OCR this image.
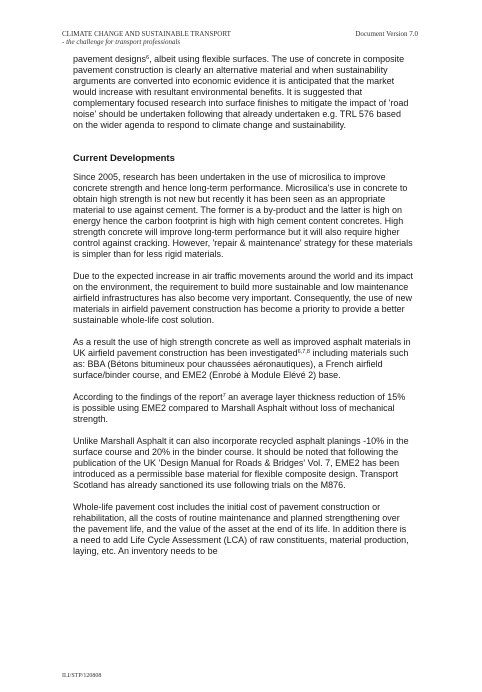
CLIMATE CHANGE AND SUSTAINABLE TRANSPORT	Document Version 7.0
- the challenge for transport professionals

pavement designs$^6$, albeit using flexible surfaces. The use of concrete in composite pavement construction is clearly an alternative material and when sustainability arguments are converted into economic evidence it is anticipated that the market would increase with resultant environmental benefits. It is suggested that complementary focused research into surface finishes to mitigate the impact of 'road noise' should be undertaken following that already undertaken e.g. TRL 576 based on the wider agenda to respond to climate change and sustainability.

Current Developments

Since 2005, research has been undertaken in the use of microsilica to improve concrete strength and hence long-term performance. Microsilica's use in concrete to obtain high strength is not new but recently it has been seen as an appropriate material to use against cement. The former is a by-product and the latter is high on energy hence the carbon footprint is high with high cement content concretes. High strength concrete will improve long-term performance but it will also require higher control against cracking. However, 'repair & maintenance' strategy for these materials is simpler than for less rigid materials.

Due to the expected increase in air traffic movements around the world and its impact on the environment, the requirement to build more sustainable and low maintenance airfield infrastructures has also become very important. Consequently, the use of new materials in airfield pavement construction has become a priority to provide a better sustainable whole-life cost solution.

As a result the use of high strength concrete as well as improved asphalt materials in UK airfield pavement construction has been investigated$^{6,7,8}$ including materials such as: BBA (Bétons bitumineux pour chaussées aéronautiques), a French airfield surface/binder course, and EME2 (Enrobé à Module Elévé 2) base.

According to the findings of the report$^7$ an average layer thickness reduction of 15% is possible using EME2 compared to Marshall Asphalt without loss of mechanical strength.

Unlike Marshall Asphalt it can also incorporate recycled asphalt planings -10% in the surface course and 20% in the binder course. It should be noted that following the publication of the UK 'Design Manual for Roads & Bridges' Vol. 7, EME2 has been introduced as a permissible base material for flexible composite design. Transport Scotland has already sanctioned its use following trials on the M876.

Whole-life pavement cost includes the initial cost of pavement construction or rehabilitation, all the costs of routine maintenance and planned strengthening over the pavement life, and the value of the asset at the end of its life. In addition there is a need to add Life Cycle Assessment (LCA) of raw constituents, material production, laying, etc. An inventory needs to be

ILI/STP/120808
